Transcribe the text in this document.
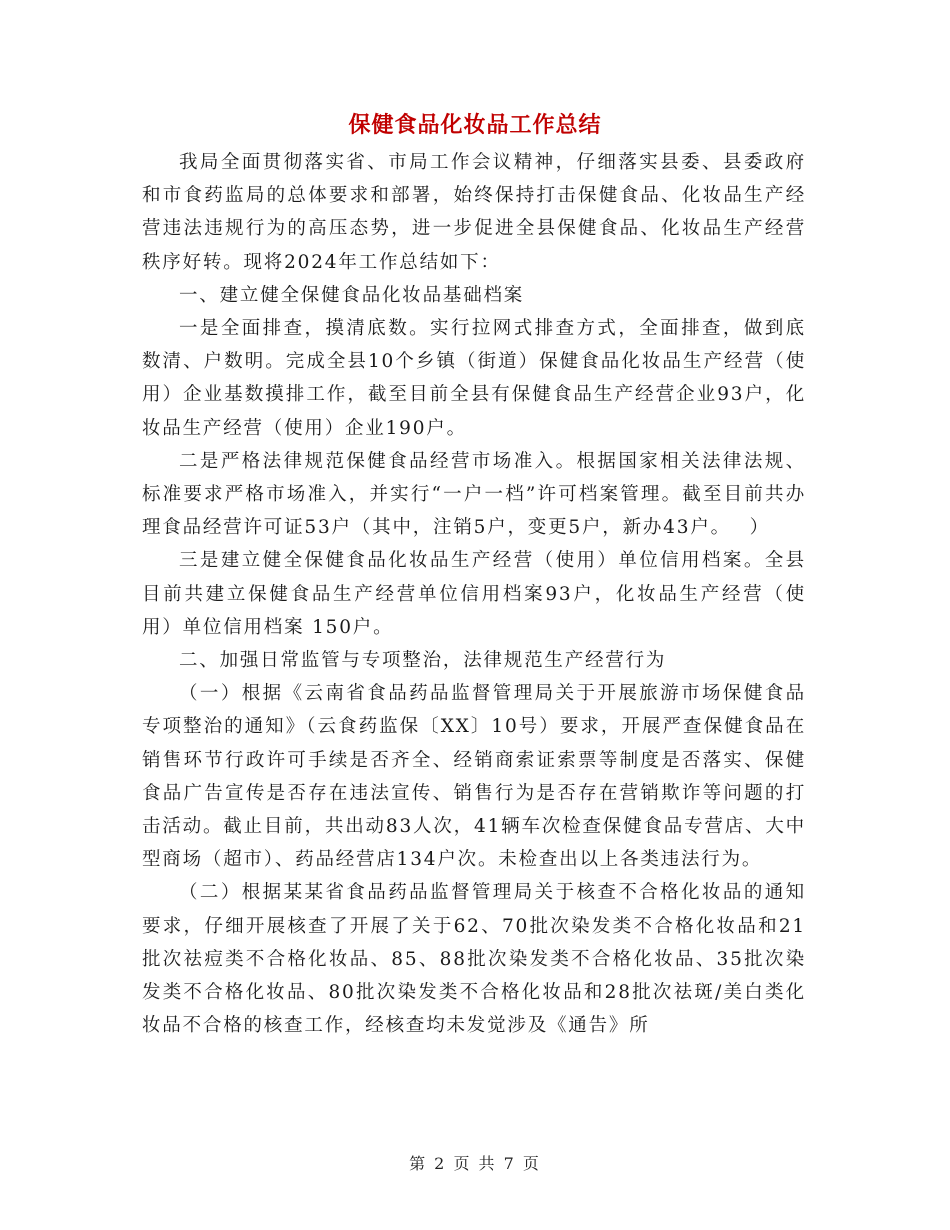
保健食品化妆品工作总结

我局全面贯彻落实省、市局工作会议精神，仔细落实县委、县委政府和市食药监局的总体要求和部署，始终保持打击保健食品、化妆品生产经营违法违规行为的高压态势，进一步促进全县保健食品、化妆品生产经营秩序好转。现将2024年工作总结如下：

一、建立健全保健食品化妆品基础档案

一是全面排查，摸清底数。实行拉网式排查方式，全面排查，做到底数清、户数明。完成全县10个乡镇（街道）保健食品化妆品生产经营（使用）企业基数摸排工作，截至目前全县有保健食品生产经营企业93户，化妆品生产经营（使用）企业190户。

二是严格法律规范保健食品经营市场准入。根据国家相关法律法规、标准要求严格市场准入，并实行“一户一档”许可档案管理。截至目前共办理食品经营许可证53户（其中，注销5户，变更5户，新办43户。　 ）

三是建立健全保健食品化妆品生产经营（使用）单位信用档案。全县目前共建立保健食品生产经营单位信用档案93户，化妆品生产经营（使用）单位信用档案 150户。

二、加强日常监管与专项整治，法律规范生产经营行为

（一）根据《云南省食品药品监督管理局关于开展旅游市场保健食品专项整治的通知》（云食药监保〔XX〕10号）要求，开展严查保健食品在销售环节行政许可手续是否齐全、经销商索证索票等制度是否落实、保健食品广告宣传是否存在违法宣传、销售行为是否存在营销欺诈等问题的打击活动。截止目前，共出动83人次，41辆车次检查保健食品专营店、大中型商场（超市）、药品经营店134户次。未检查出以上各类违法行为。

（二）根据某某省食品药品监督管理局关于核查不合格化妆品的通知要求，仔细开展核查了开展了关于62、70批次染发类不合格化妆品和21批次祛痘类不合格化妆品、85、88批次染发类不合格化妆品、35批次染发类不合格化妆品、80批次染发类不合格化妆品和28批次祛斑/美白类化妆品不合格的核查工作，经核查均未发觉涉及《通告》所

第 2 页 共 7 页
